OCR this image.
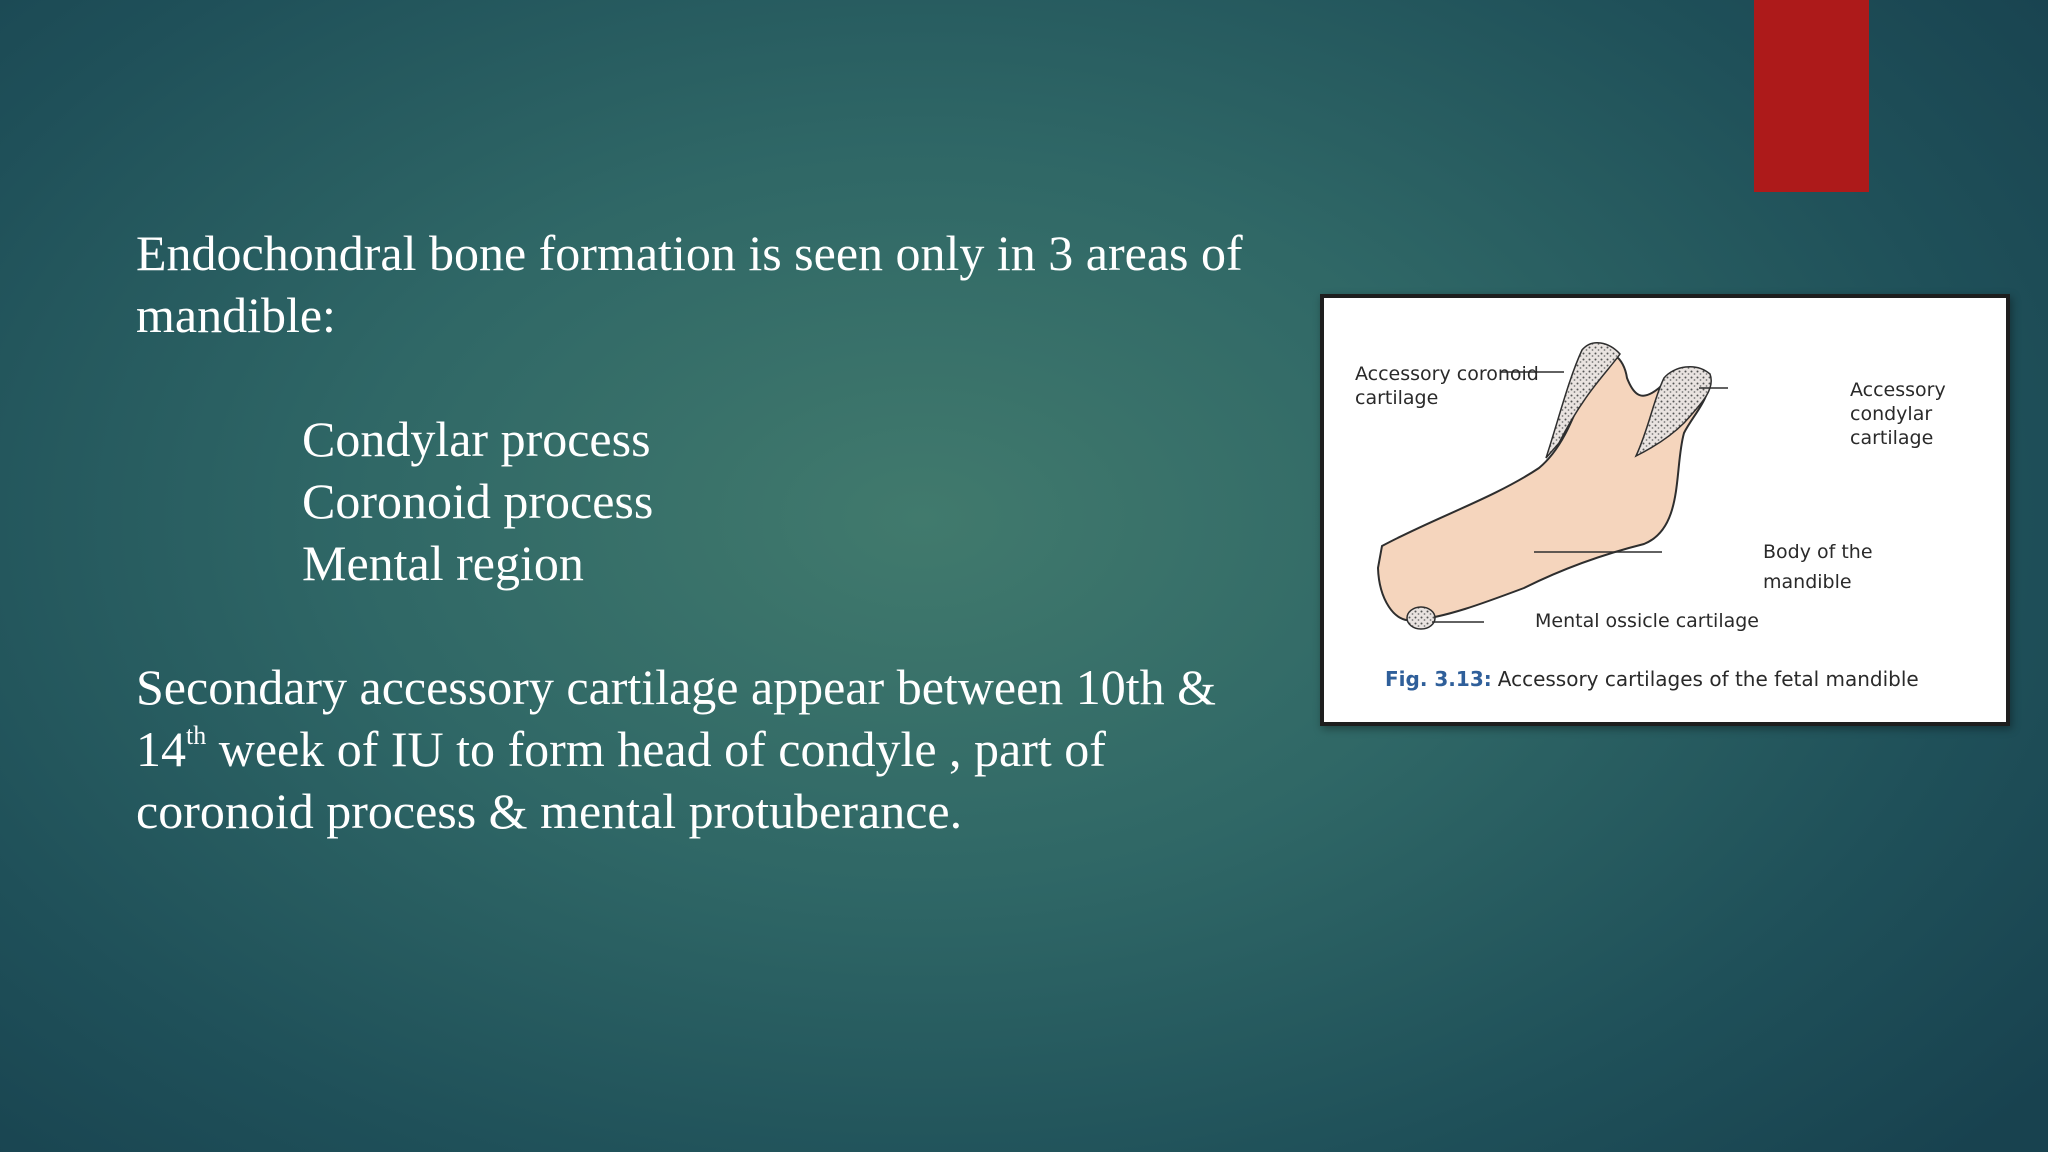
Endochondral bone formation is seen only in 3 areas of mandible:

Condylar process
Coronoid process
Mental region

Secondary accessory cartilage appear between 10th & 14th week of IU to form head of condyle , part of coronoid process & mental protuberance.

Accessory coronoid cartilage	Accessory condylar cartilage
Body of the mandible
Mental ossicle cartilage
Fig. 3.13: Accessory cartilages of the fetal mandible
